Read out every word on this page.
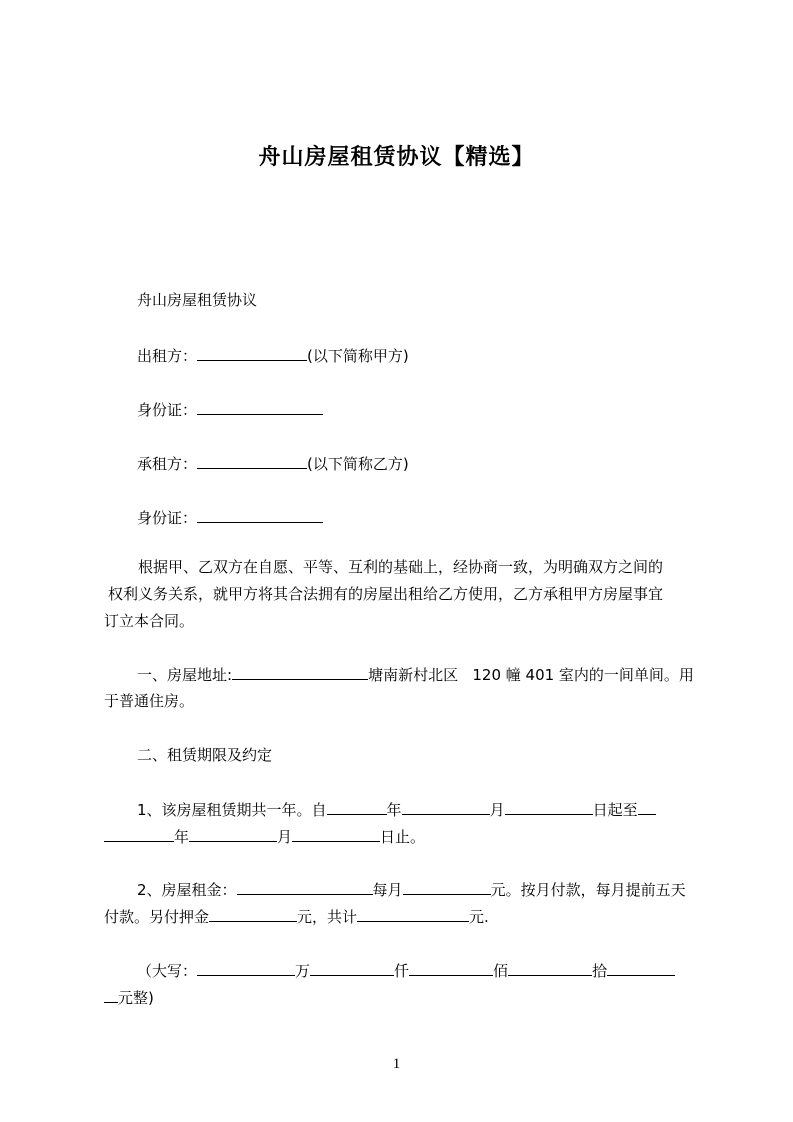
舟山房屋租赁协议【精选】
舟山房屋租赁协议
出租方：	(以下简称甲方)
身份证：
承租方：	(以下简称乙方)
身份证：
根据甲、乙双方在自愿、平等、互利的基础上，经协商一致，为明确双方之间的
权利义务关系，就甲方将其合法拥有的房屋出租给乙方使用，乙方承租甲方房屋事宜
订立本合同。
一、房屋地址:	塘南新村北区   120 幢 401 室内的一间单间。用
于普通住房。
二、租赁期限及约定
1、该房屋租赁期共一年。自	年	月	日起至
年	月	日止。
2、房屋租金：	每月	元。按月付款，每月提前五天
付款。另付押金	元，共计	元.
（大写：	万	仟	佰	拾
元整)
1
